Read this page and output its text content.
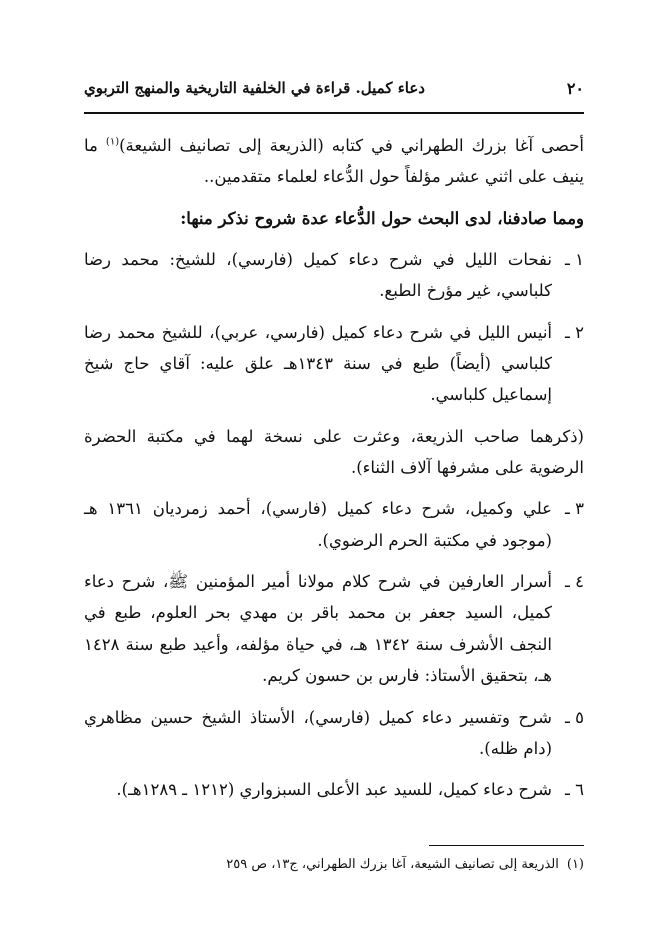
٢٠
دعاء كميل. قراءة في الخلفية التاريخية والمنهج التربوي

أحصى آغا بزرك الطهراني في كتابه (الذريعة إلى تصانيف الشيعة)$^{(١)}$ ما ينيف على اثني عشر مؤلفاً حول الدُّعاء لعلماء متقدمين..

ومما صادفنا، لدى البحث حول الدُّعاء عدة شروح نذكر منها:

١ ـ
نفحات الليل في شرح دعاء كميل (فارسي)، للشيخ: محمد رضا كلباسي، غير مؤرخ الطبع.
٢ ـ
أنيس الليل في شرح دعاء كميل (فارسي، عربي)، للشيخ محمد رضا كلباسي (أيضاً) طبع في سنة ١٣٤٣هـ علق عليه: آقاي حاج شيخ إسماعيل كلباسي.

(ذكرهما صاحب الذريعة، وعثرت على نسخة لهما في مكتبة الحضرة الرضوية على مشرفها آلاف الثناء).

٣ ـ
علي وكميل، شرح دعاء كميل (فارسي)، أحمد زمرديان ١٣٦١ هـ (موجود في مكتبة الحرم الرضوي).
٤ ـ
أسرار العارفين في شرح كلام مولانا أمير المؤمنين ﷺ، شرح دعاء كميل، السيد جعفر بن محمد باقر بن مهدي بحر العلوم، طبع في النجف الأشرف سنة ١٣٤٢ هـ، في حياة مؤلفه، وأعيد طبع سنة ١٤٢٨ هـ، بتحقيق الأستاذ: فارس بن حسون كريم.
٥ ـ
شرح وتفسير دعاء كميل (فارسي)، الأستاذ الشيخ حسين مظاهري (دام ظله).
٦ ـ
شرح دعاء كميل، للسيد عبد الأعلى السبزواري (١٢١٢ ـ ١٢٨٩هـ).
(١)
الذريعة إلى تصانيف الشيعة، آغا بزرك الطهراني، ج١٣، ص ٢٥٩
